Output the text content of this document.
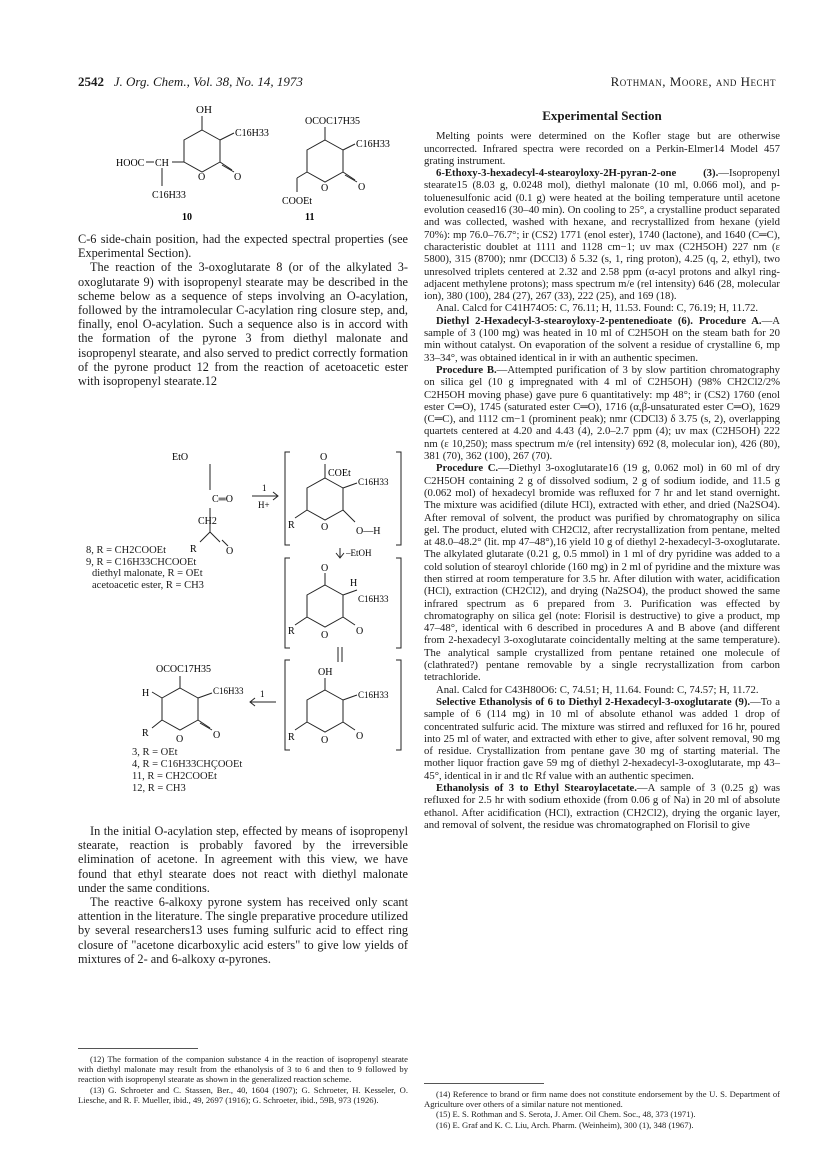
2542 J. Org. Chem., Vol. 38, No. 14, 1973	Rothman, Moore, and Hecht
OH
C16H33
HOOC CH
C16H33
O	O
10
OCOC17H35
C16H33
COOEt
O	O
11

C-6 side-chain position, had the expected spectral properties (see Experimental Section).

The reaction of the 3-oxoglutarate 8 (or of the alkylated 3-oxoglutarate 9) with isopropenyl stearate may be described in the scheme below as a sequence of steps involving an O-acylation, followed by the intramolecular C-acylation ring closure step, and, finally, enol O-acylation. Such a sequence also is in accord with the formation of the pyrone 3 from diethyl malonate and isopropenyl stearate, and also served to predict correctly formation of the pyrone product 12 from the reaction of acetoacetic ester with isopropenyl stearate.12

EtO
C═O
CH2
R	O
1
H+
O
COEt
C16H33
R	O	O—H
–EtOH
O
H
C16H33
R	O	O
OH
C16H33
R	O	O
1
OCOC17H35
H	C16H33
R
O	O
8, R = CH2COOEt
9, R = C16H33CHCOOEt
diethyl malonate, R = OEt
acetoacetic ester, R = CH3
3, R = OEt
4, R = C16H33CHÇOOEt
11, R = CH2COOEt
12, R = CH3

In the initial O-acylation step, effected by means of isopropenyl stearate, reaction is probably favored by the irreversible elimination of acetone. In agreement with this view, we have found that ethyl stearate does not react with diethyl malonate under the same conditions.

The reactive 6-alkoxy pyrone system has received only scant attention in the literature. The single preparative procedure utilized by several researchers13 uses fuming sulfuric acid to effect ring closure of "acetone dicarboxylic acid esters" to give low yields of mixtures of 2- and 6-alkoxy α-pyrones.

(12) The formation of the companion substance 4 in the reaction of isopropenyl stearate with diethyl malonate may result from the ethanolysis of 3 to 6 and then to 9 followed by reaction with isopropenyl stearate as shown in the generalized reaction scheme.

(13) G. Schroeter and C. Stassen, Ber., 40, 1604 (1907); G. Schroeter, H. Kesseler, O. Liesche, and R. F. Mueller, ibid., 49, 2697 (1916); G. Schroeter, ibid., 59B, 973 (1926).

Experimental Section

Melting points were determined on the Kofler stage but are otherwise uncorrected. Infrared spectra were recorded on a Perkin-Elmer14 Model 457 grating instrument.

6-Ethoxy-3-hexadecyl-4-stearoyloxy-2H-pyran-2-one (3).—Isopropenyl stearate15 (8.03 g, 0.0248 mol), diethyl malonate (10 ml, 0.066 mol), and p-toluenesulfonic acid (0.1 g) were heated at the boiling temperature until acetone evolution ceased16 (30–40 min). On cooling to 25°, a crystalline product separated and was collected, washed with hexane, and recrystallized from hexane (yield 70%): mp 76.0–76.7°; ir (CS2) 1771 (enol ester), 1740 (lactone), and 1640 (C═C), characteristic doublet at 1111 and 1128 cm−1; uv max (C2H5OH) 227 nm (ε 5800), 315 (8700); nmr (DCCl3) δ 5.32 (s, 1, ring proton), 4.25 (q, 2, ethyl), two unresolved triplets centered at 2.32 and 2.58 ppm (α-acyl protons and alkyl ring-adjacent methylene protons); mass spectrum m/e (rel intensity) 646 (28, molecular ion), 380 (100), 284 (27), 267 (33), 222 (25), and 169 (18).

Anal. Calcd for C41H74O5: C, 76.11; H, 11.53. Found: C, 76.19; H, 11.72.

Diethyl 2-Hexadecyl-3-stearoyloxy-2-pentenedioate (6). Procedure A.—A sample of 3 (100 mg) was heated in 10 ml of C2H5OH on the steam bath for 20 min without catalyst. On evaporation of the solvent a residue of crystalline 6, mp 33–34°, was obtained identical in ir with an authentic specimen.

Procedure B.—Attempted purification of 3 by slow partition chromatography on silica gel (10 g impregnated with 4 ml of C2H5OH) (98% CH2Cl2/2% C2H5OH moving phase) gave pure 6 quantitatively: mp 48°; ir (CS2) 1760 (enol ester C═O), 1745 (saturated ester C═O), 1716 (α,β-unsaturated ester C═O), 1629 (C═C), and 1112 cm−1 (prominent peak); nmr (CDCl3) δ 3.75 (s, 2), overlapping quartets centered at 4.20 and 4.43 (4), 2.0–2.7 ppm (4); uv max (C2H5OH) 222 nm (ε 10,250); mass spectrum m/e (rel intensity) 692 (8, molecular ion), 426 (80), 381 (70), 362 (100), 267 (70).

Procedure C.—Diethyl 3-oxoglutarate16 (19 g, 0.062 mol) in 60 ml of dry C2H5OH containing 2 g of dissolved sodium, 2 g of sodium iodide, and 11.5 g (0.062 mol) of hexadecyl bromide was refluxed for 7 hr and let stand overnight. The mixture was acidified (dilute HCl), extracted with ether, and dried (Na2SO4). After removal of solvent, the product was purified by chromatography on silica gel. The product, eluted with CH2Cl2, after recrystallization from pentane, melted at 48.0–48.2° (lit. mp 47–48°),16 yield 10 g of diethyl 2-hexadecyl-3-oxoglutarate. The alkylated glutarate (0.21 g, 0.5 mmol) in 1 ml of dry pyridine was added to a cold solution of stearoyl chloride (160 mg) in 2 ml of pyridine and the mixture was then stirred at room temperature for 3.5 hr. After dilution with water, acidification (HCl), extraction (CH2Cl2), and drying (Na2SO4), the product showed the same infrared spectrum as 6 prepared from 3. Purification was effected by chromatography on silica gel (note: Florisil is destructive) to give a product, mp 47–48°, identical with 6 described in procedures A and B above (and different from 2-hexadecyl 3-oxoglutarate coincidentally melting at the same temperature). The analytical sample crystallized from pentane retained one molecule of (clathrated?) pentane removable by a single recrystallization from carbon tetrachloride.

Anal. Calcd for C43H80O6: C, 74.51; H, 11.64. Found: C, 74.57; H, 11.72.

Selective Ethanolysis of 6 to Diethyl 2-Hexadecyl-3-oxoglutarate (9).—To a sample of 6 (114 mg) in 10 ml of absolute ethanol was added 1 drop of concentrated sulfuric acid. The mixture was stirred and refluxed for 16 hr, poured into 25 ml of water, and extracted with ether to give, after solvent removal, 90 mg of residue. Crystallization from pentane gave 30 mg of starting material. The mother liquor fraction gave 59 mg of diethyl 2-hexadecyl-3-oxoglutarate, mp 43–45°, identical in ir and tlc Rf value with an authentic specimen.

Ethanolysis of 3 to Ethyl Stearoylacetate.—A sample of 3 (0.25 g) was refluxed for 2.5 hr with sodium ethoxide (from 0.06 g of Na) in 20 ml of absolute ethanol. After acidification (HCl), extraction (CH2Cl2), drying the organic layer, and removal of solvent, the residue was chromatographed on Florisil to give

(14) Reference to brand or firm name does not constitute endorsement by the U. S. Department of Agriculture over others of a similar nature not mentioned.

(15) E. S. Rothman and S. Serota, J. Amer. Oil Chem. Soc., 48, 373 (1971).

(16) E. Graf and K. C. Liu, Arch. Pharm. (Weinheim), 300 (1), 348 (1967).
